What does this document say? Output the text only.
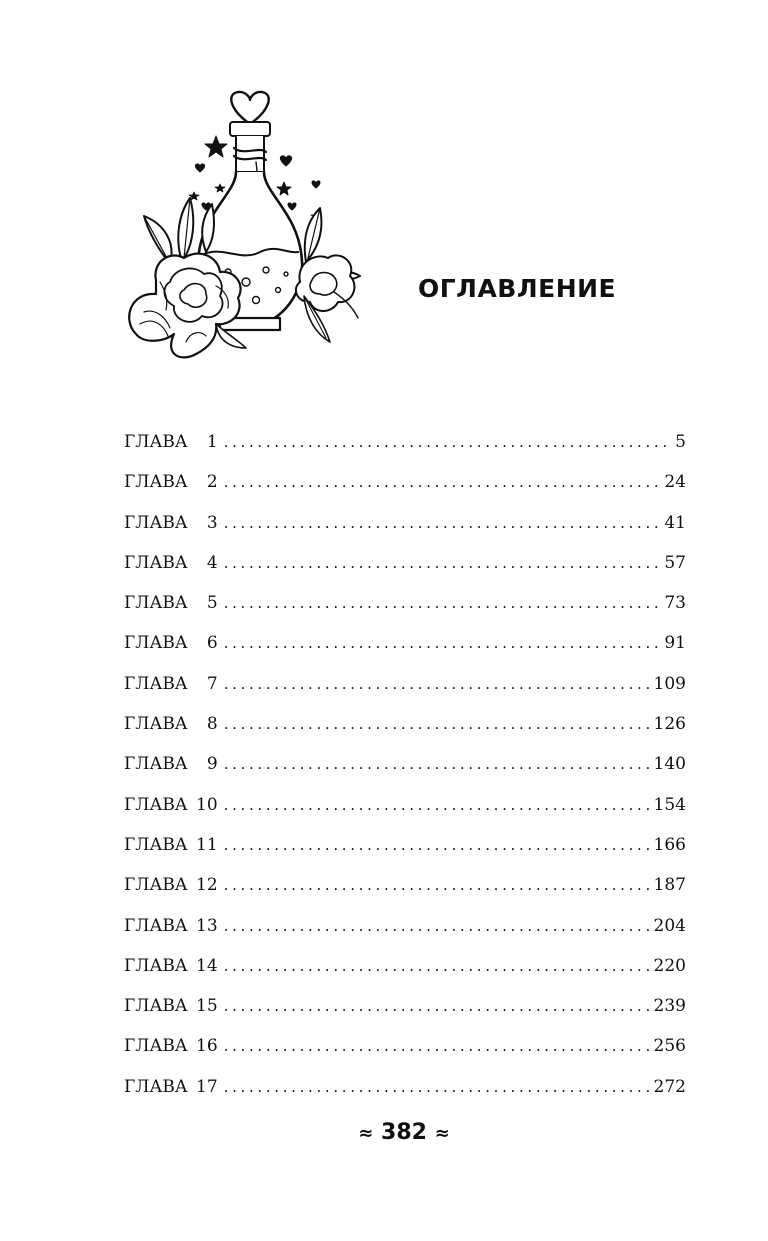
ОГЛАВЛЕНИЕ
ГЛАВА	1 . . .	5
ГЛАВА	2 . . .	24
ГЛАВА	3 . . .	41
ГЛАВА	4 . . .	57
ГЛАВА	5 . . .	73
ГЛАВА	6 . . .	91
ГЛАВА	7 . . .	109
ГЛАВА	8 . . .	126
ГЛАВА	9 . . .	140
ГЛАВА 10 . . .	154
ГЛАВА 11 . . .	166
ГЛАВА 12 . . .	187
ГЛАВА 13 . . .	204
ГЛАВА 14 . . .	220
ГЛАВА 15 . . .	239
ГЛАВА 16 . . .	256
ГЛАВА 17 . . .	272
≈ 382 ≈
